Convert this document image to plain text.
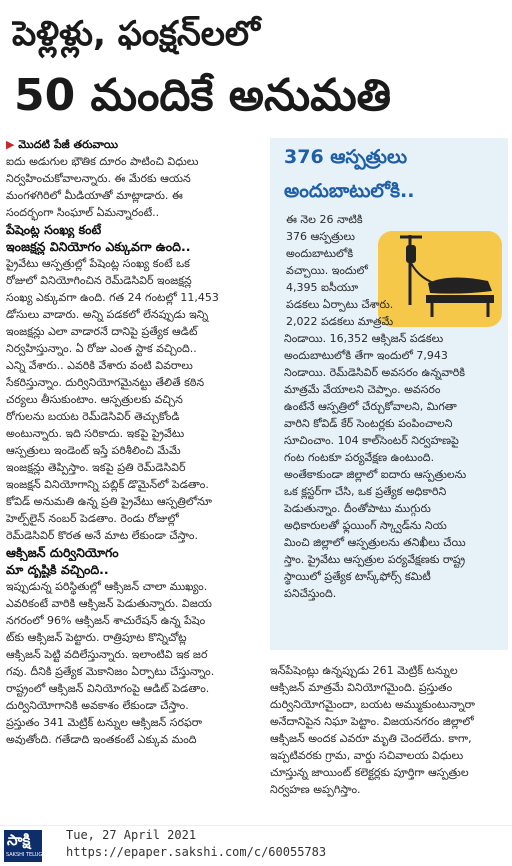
పెళ్లిళ్లు, ఫంక్షన్‌లలో
50 మందికే అనుమతి

▶ మొదటి పేజీ తరువాయి

ఐదు అడుగుల భౌతిక దూరం పాటించి విధులు

నిర్వహించుకోవాలన్నారు. ఈ మేరకు ఆయన

మంగళగిరిలో మీడియాతో మాట్లాడారు. ఈ

సందర్భంగా సింఘాల్‌ ఏమన్నారంటే..

పేషెంట్ల సంఖ్య కంటే

ఇంజక్షన్ల వినియోగం ఎక్కువగా ఉంది..

ప్రైవేటు ఆస్పత్రుల్లో పేషెంట్ల సంఖ్య కంటే ఒక

రోజులో వినియోగించిన రెమ్‌డెసివిర్‌ ఇంజక్షన్ల

సంఖ్య ఎక్కువగా ఉంది. గత 24 గంటల్లో 11,453

డోసులు వాడారు. అన్ని పడకలో లేనప్పుడు ఇన్ని

ఇంజక్షన్లు ఎలా వాడారనే దానిపై ప్రత్యేక ఆడిట్‌

నిర్వహిస్తున్నాం. ఏ రోజు ఎంత స్టాక వచ్చింది..

ఎన్ని వేశారు.. ఎవరికి వేశారు వంటి వివరాలు

సేకరిస్తున్నాం. దుర్వినియోగమైనట్టు తేలితే కఠిన

చర్యలు తీసుకుంటాం. ఆస్పత్రులకు వచ్చిన

రోగులను బయట రెమ్‌డెసివిర్‌ తెచ్చుకోండి

అంటున్నారు. ఇది సరికాదు. ఇకపై ప్రైవేటు

ఆస్పత్రులు ఇండెంట్‌ ఇస్తే పరిశీలించి మేమే

ఇంజక్షన్లు తెప్పిస్తాం. ఇకపై ప్రతి రెమ్‌డెసివిర్‌

ఇంజక్షన్‌ వినియోగాన్ని పబ్లిక్‌ డొమైన్‌లో పెడతాం.

కోవిడ్‌ అనుమతి ఉన్న ప్రతి ప్రైవేటు ఆస్పత్రిలోనూ

హెల్ప్‌లైన్‌ నంబర్‌ పెడతాం. రెండు రోజుల్లో

రెమ్‌డెసివిర్‌ కొరత అనే మాట లేకుండా చేస్తాం.

ఆక్సిజన్‌ దుర్వినియోగం

మా దృష్టికి వచ్చింది..

ఇప్పుడున్న పరిస్థితుల్లో ఆక్సిజన్‌ చాలా ముఖ్యం.

ఎవరికంటే వారికి ఆక్సిజన్‌ పెడుతున్నారు. విజయ

నగరంలో 96% ఆక్సిజన్‌ శాచురేషన్‌ ఉన్న పేషెం

ట్‌కు ఆక్సిజన్‌ పెట్టారు. రాత్రిపూట కొన్నిచోట్ల

ఆక్సిజన్‌ పెట్టి వదిలేస్తున్నారు. ఇలాంటివి ఇక జర

గవు. దీనికి ప్రత్యేక మెకానిజం ఏర్పాటు చేస్తున్నాం.

రాష్ట్రంలో ఆక్సిజన్‌ వినియోగంపై ఆడిట్‌ పెడతాం.

దుర్వినియోగానికి అవకాశం లేకుండా చేస్తాం.

ప్రస్తుతం 341 మెట్రిక్‌ టన్నుల ఆక్సిజన్‌ సరఫరా

అవుతోంది. గతేడాది ఇంతకంటే ఎక్కువ మంది

376 ఆస్పత్రులు
అందుబాటులోకి..

ఈ నెల 26 నాటికి

376 ఆస్పత్రులు

అందుబాటులోకి

వచ్చాయి. ఇందులో

4,395 ఐసీయూ

పడకలు ఏర్పాటు చేశారు.

2,022 పడకలు మాత్రమే

నిండాయి. 16,352 ఆక్సిజన్‌ పడకలు

అందుబాటులోకి తేగా ఇందులో 7,943

నిండాయి. రెమ్‌డెసివిర్‌ అవసరం ఉన్నవారికి

మాత్రమే వేయాలని చెప్పాం. అవసరం

ఉంటేనే ఆస్పత్రిలో చేర్చుకోవాలని, మిగతా

వారిని కోవిడ్‌ కేర్‌ సెంటర్లకు పంపించాలని

సూచించాం. 104 కాల్‌సెంటర్‌ నిర్వహణపై

గంట గంటకూ పర్యవేక్షణ ఉంటుంది.

అంతేకాకుండా జిల్లాలో ఐదారు ఆస్పత్రులను

ఒక క్లస్టర్‌గా చేసి, ఒక ప్రత్యేక అధికారిని

పెడుతున్నాం. దీంతోపాటు ముగ్గురు

అధికారులతో ఫ్లయింగ్‌ స్క్వాడ్‌ను నియ

మించి జిల్లాలో ఆస్పత్రులను తనిఖీలు చేయి

స్తాం. ప్రైవేటు ఆస్పత్రుల పర్యవేక్షణకు రాష్ట్ర

స్థాయిలో ప్రత్యేక టాస్క్‌ఫోర్స్‌ కమిటీ

పనిచేస్తుంది.

ఇన్‌పేషెంట్లు ఉన్నప్పుడు 261 మెట్రిక్‌ టన్నుల

ఆక్సిజన్‌ మాత్రమే వినియోగమైంది. ప్రస్తుతం

దుర్వినియోగమైందా, బయట అమ్ముకుంటున్నారా

అనేదానిపైన నిఘా పెట్టాం. విజయనగరం జిల్లాలో

ఆక్సిజన్‌ అందక ఎవరూ మృతి చెందలేదు. కాగా,

ఇప్పటివరకు గ్రామ, వార్డు సచివాలయ విధులు

చూస్తున్న జాయింట్‌ కలెక్టర్లకు పూర్తిగా ఆస్పత్రుల

నిర్వహణ అప్పగిస్తాం.

సాక్షి
SAKSHI TELUGU DAILY
Tue, 27 April 2021
https://epaper.sakshi.com/c/60055783
